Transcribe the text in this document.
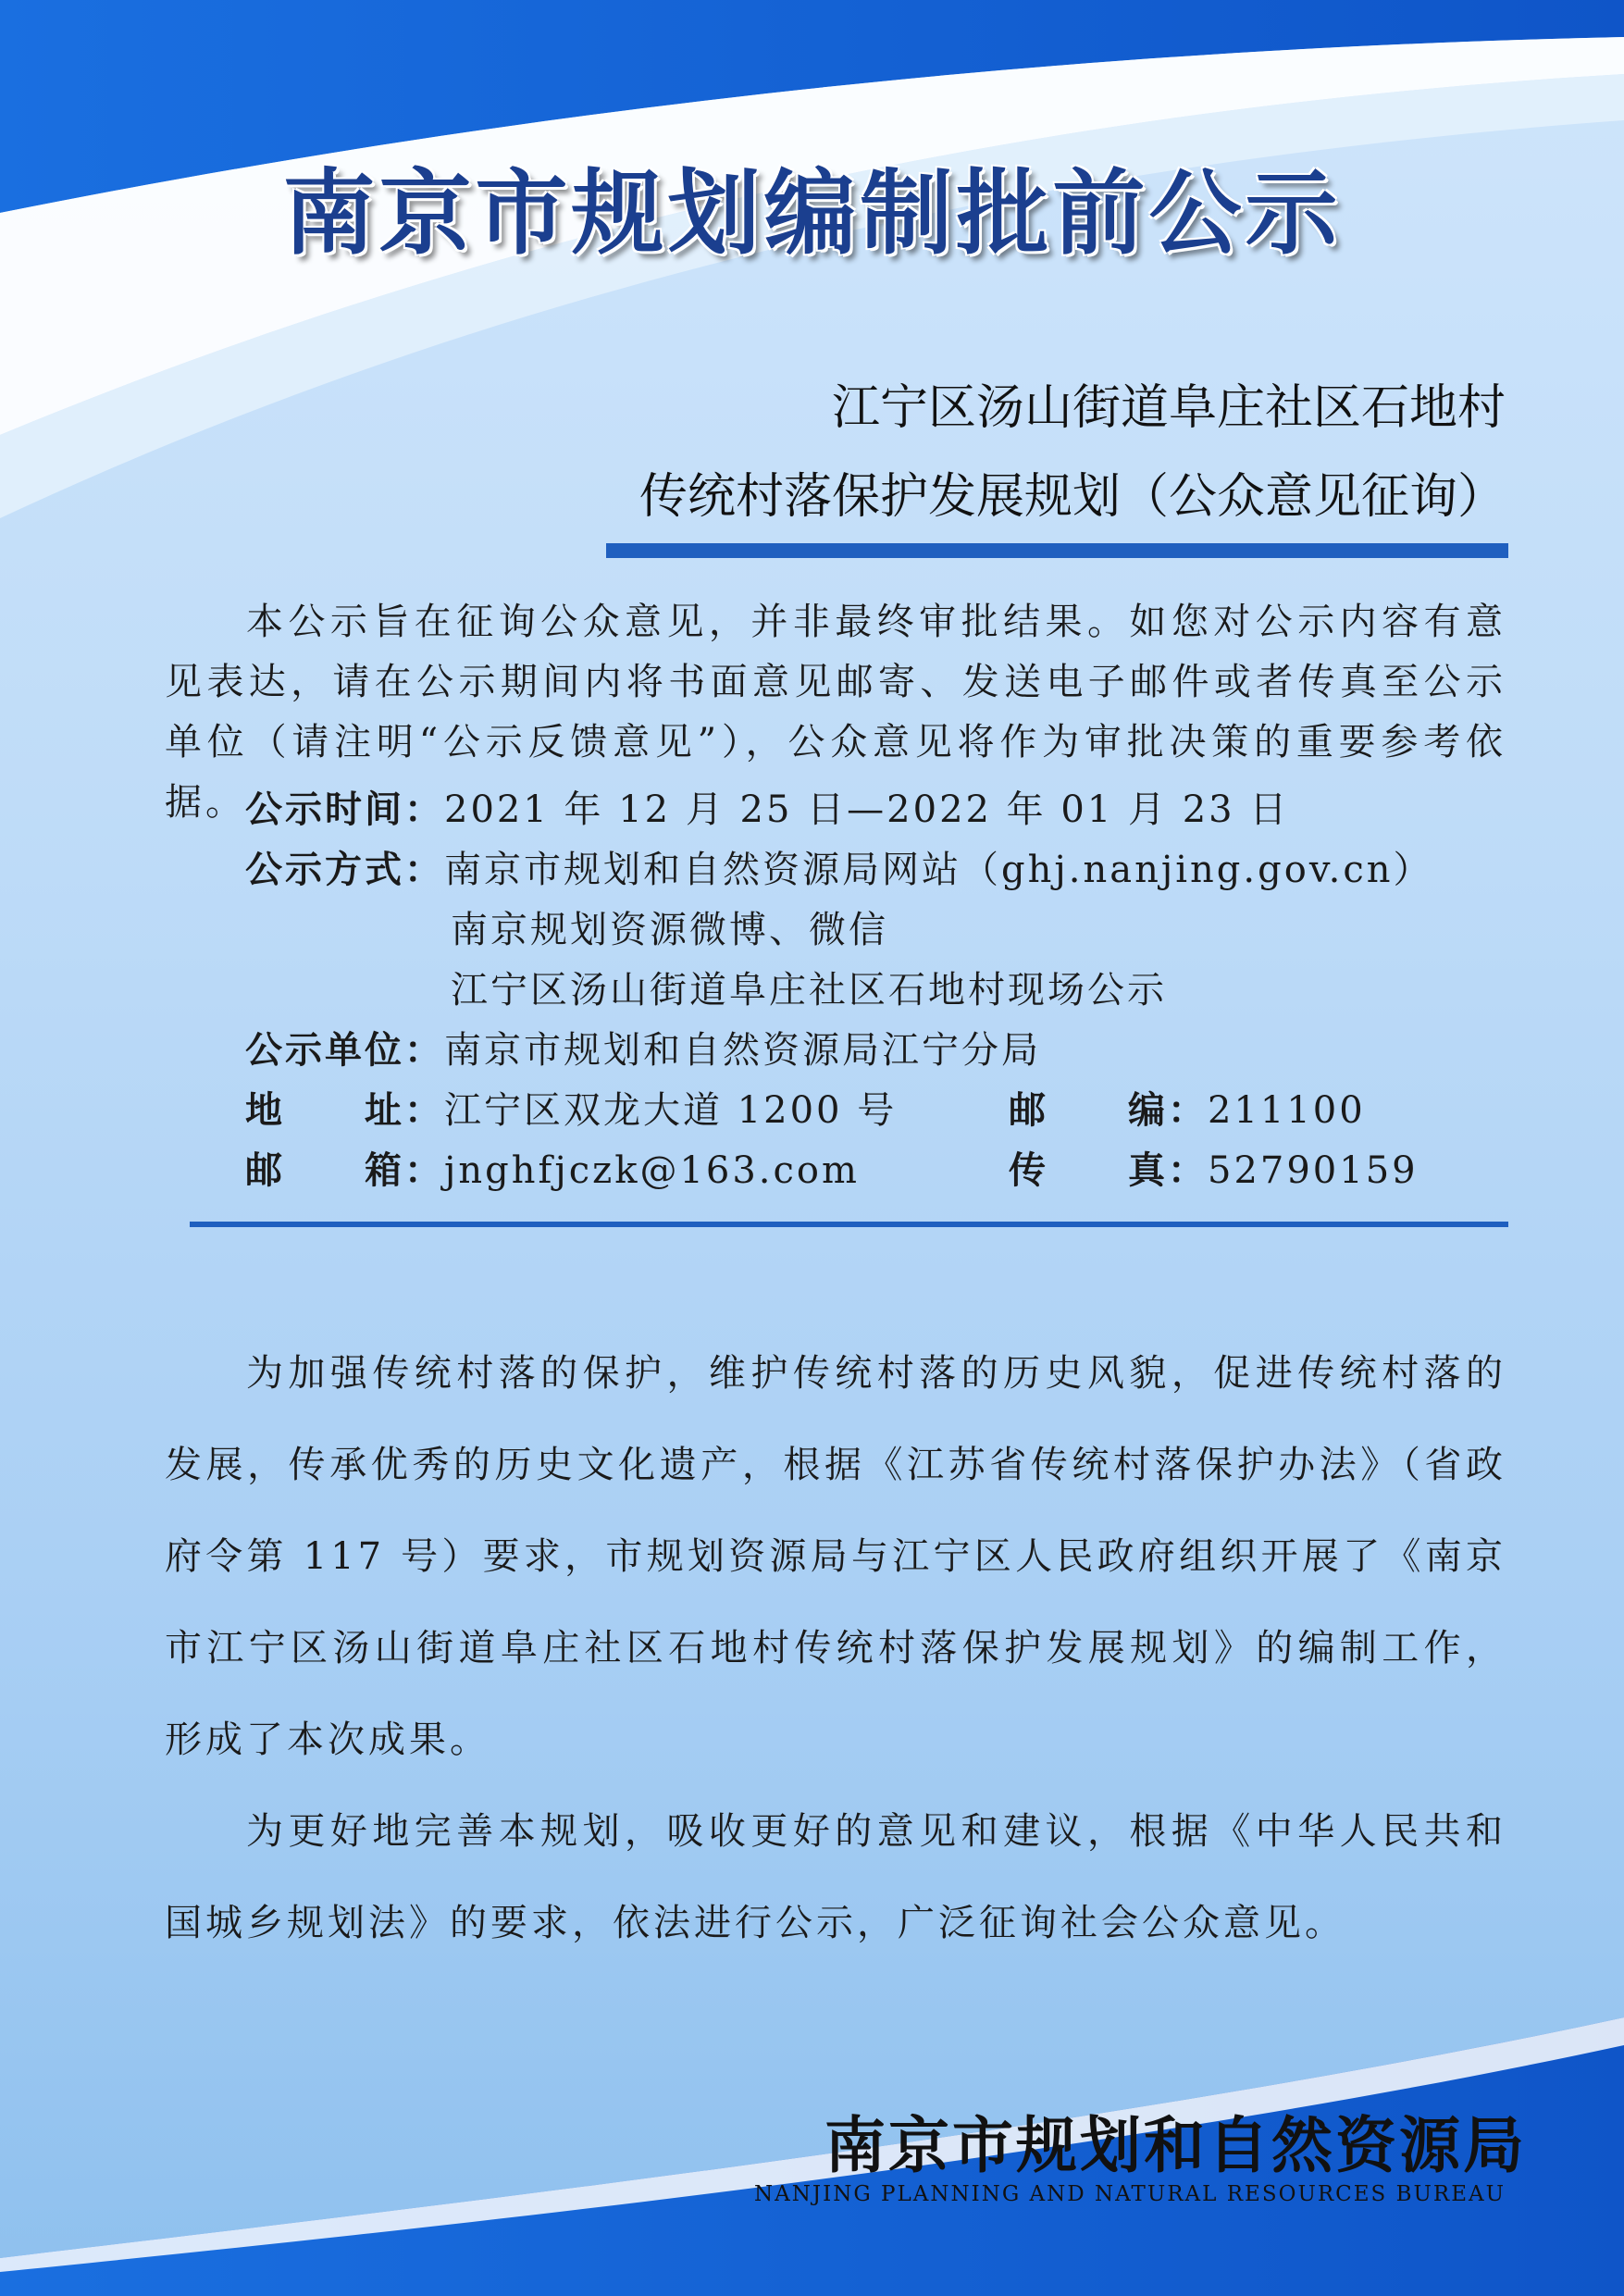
南京市规划编制批前公示
江宁区汤山街道阜庄社区石地村
传统村落保护发展规划（公众意见征询）

本公示旨在征询公众意见，并非最终审批结果。如您对公示内容有意见表达，请在公示期间内将书面意见邮寄、发送电子邮件或者传真至公示单位（请注明“公示反馈意见”），公众意见将作为审批决策的重要参考依据。 公示时间：2021 年 12 月 25 日—2022 年 01 月 23 日
公示方式：南京市规划和自然资源局网站（ghj.nanjing.gov.cn）
南京规划资源微博、微信
江宁区汤山街道阜庄社区石地村现场公示
公示单位：南京市规划和自然资源局江宁分局
地　　址：江宁区双龙大道 1200 号
邮　　箱：jnghfjczk@163.com
邮　　编：211100
传　　真：52790159

为加强传统村落的保护，维护传统村落的历史风貌，促进传统村落的发展，传承优秀的历史文化遗产，根据《江苏省传统村落保护办法》（省政府令第 117 号）要求，市规划资源局与江宁区人民政府组织开展了《南京市江宁区汤山街道阜庄社区石地村传统村落保护发展规划》的编制工作，形成了本次成果。

为更好地完善本规划，吸收更好的意见和建议，根据《中华人民共和国城乡规划法》的要求，依法进行公示，广泛征询社会公众意见。

南京市规划和自然资源局
NANJING PLANNING AND NATURAL RESOURCES BUREAU
